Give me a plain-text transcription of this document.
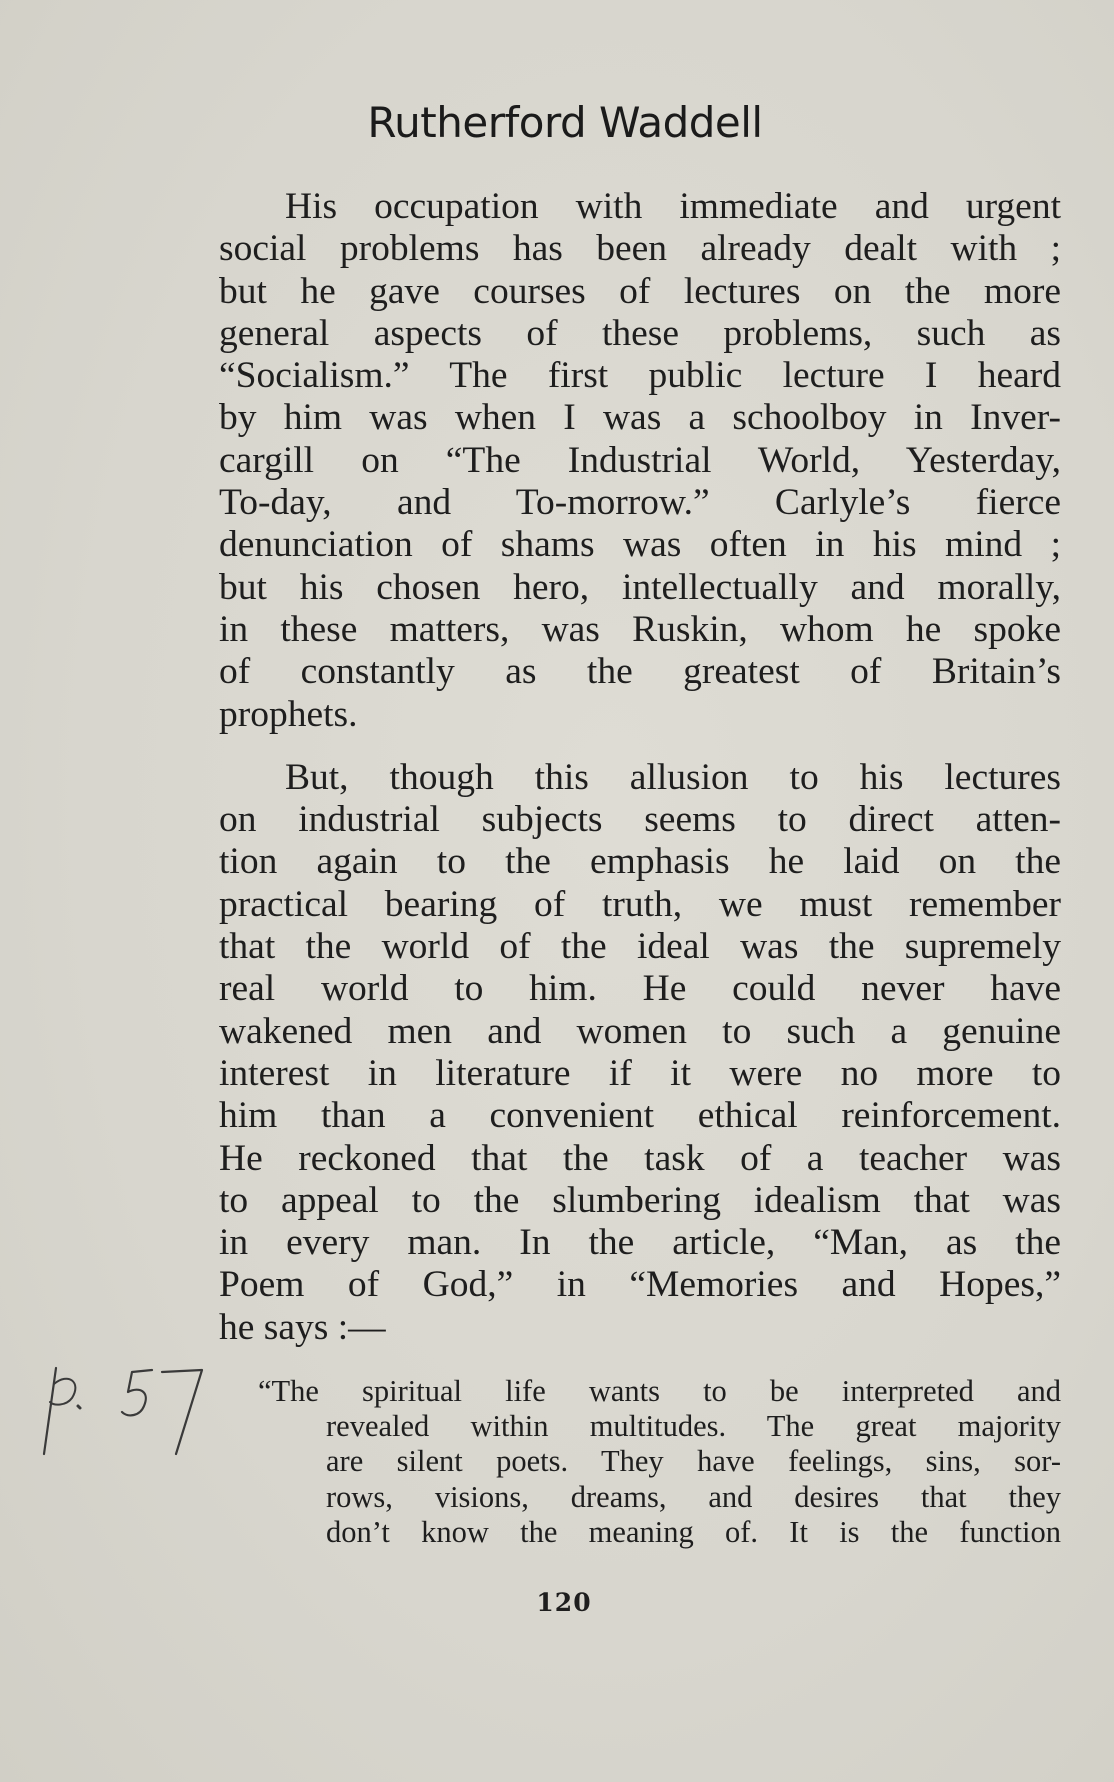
Rutherford Waddell
His occupation with immediate and urgent
social problems has been already dealt with ;
but he gave courses of lectures on the more
general aspects of these problems, such as
“Socialism.” The first public lecture I heard
by him was when I was a schoolboy in Inver-
cargill on “The Industrial World, Yesterday,
To-day, and To-morrow.” Carlyle’s fierce
denunciation of shams was often in his mind ;
but his chosen hero, intellectually and morally,
in these matters, was Ruskin, whom he spoke
of constantly as the greatest of Britain’s
prophets.
But, though this allusion to his lectures
on industrial subjects seems to direct atten-
tion again to the emphasis he laid on the
practical bearing of truth, we must remember
that the world of the ideal was the supremely
real world to him. He could never have
wakened men and women to such a genuine
interest in literature if it were no more to
him than a convenient ethical reinforcement.
He reckoned that the task of a teacher was
to appeal to the slumbering idealism that was
in every man. In the article, “Man, as the
Poem of God,” in “Memories and Hopes,”
he says :—
“The spiritual life wants to be interpreted and
revealed within multitudes. The great majority
are silent poets. They have feelings, sins, sor-
rows, visions, dreams, and desires that they
don’t know the meaning of. It is the function
120
